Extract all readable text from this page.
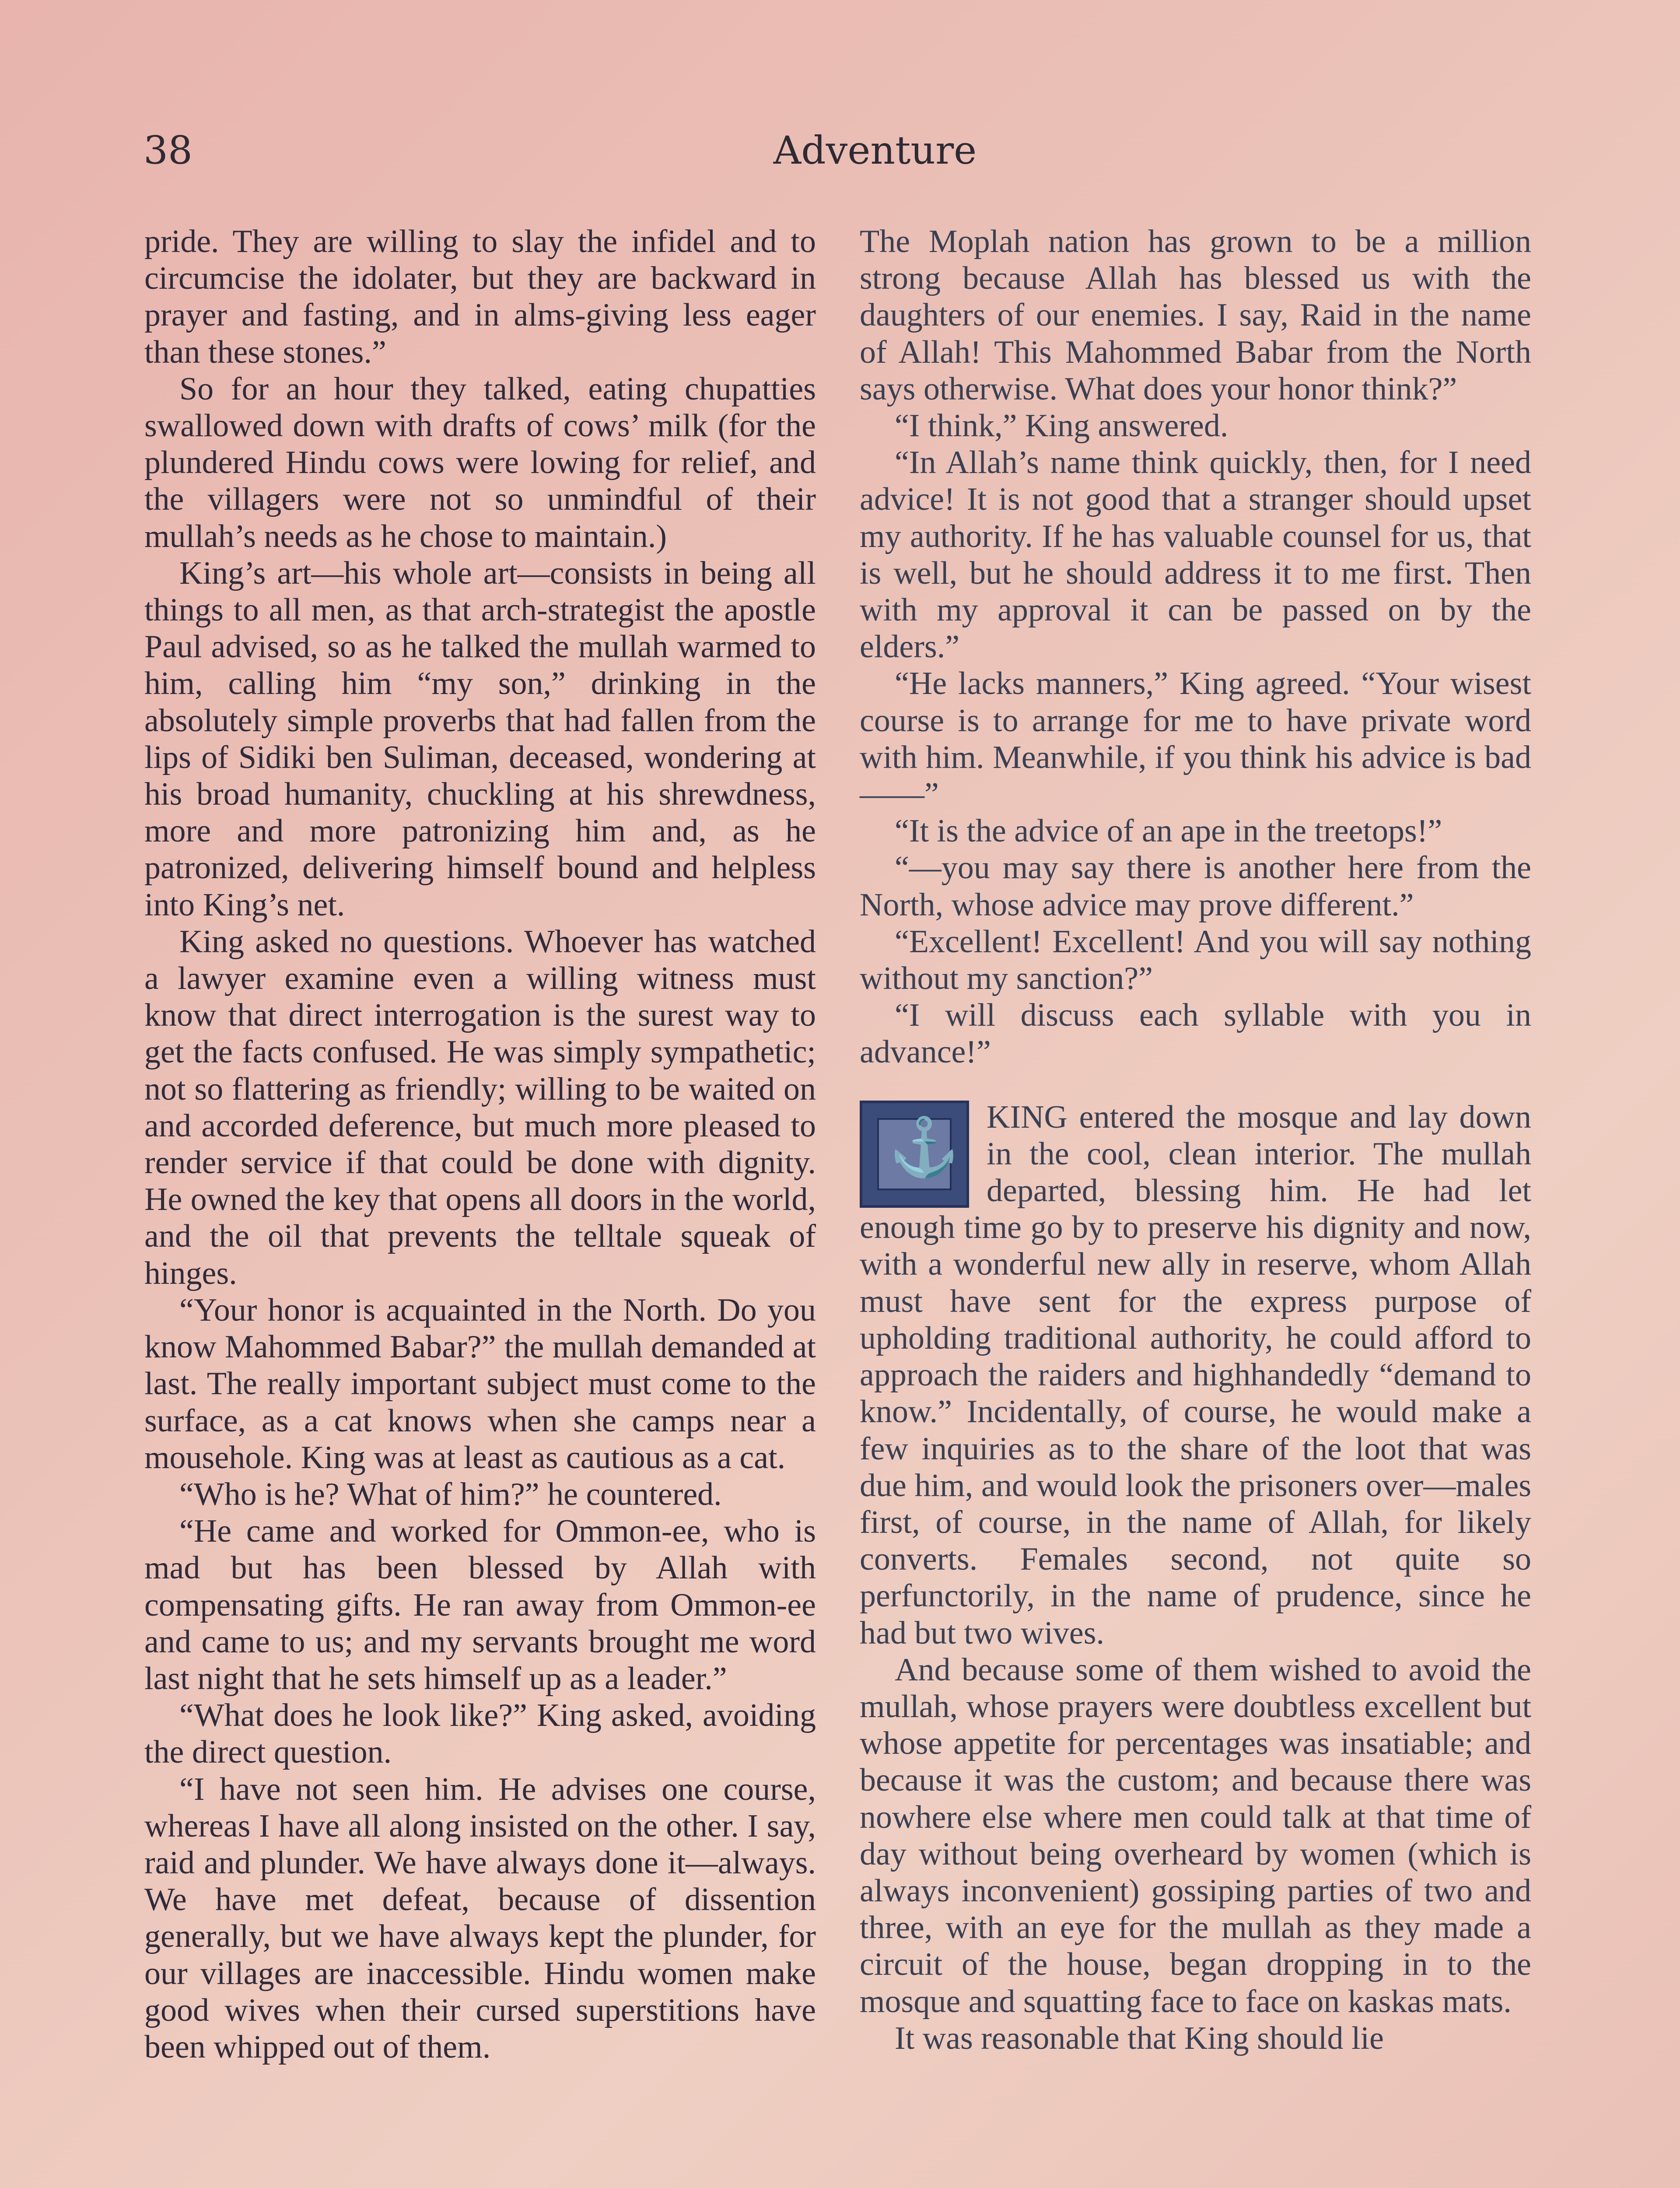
38	Adventure

pride. They are willing to slay the infidel and to circumcise the idolater, but they are backward in prayer and fasting, and in alms-giving less eager than these stones.”

So for an hour they talked, eating chupatties swallowed down with drafts of cows’ milk (for the plundered Hindu cows were lowing for relief, and the villagers were not so unmindful of their mullah’s needs as he chose to maintain.)

King’s art—his whole art—consists in being all things to all men, as that arch-strategist the apostle Paul advised, so as he talked the mullah warmed to him, calling him “my son,” drinking in the absolutely simple proverbs that had fallen from the lips of Sidiki ben Suliman, deceased, wondering at his broad humanity, chuckling at his shrewdness, more and more patronizing him and, as he patronized, delivering himself bound and helpless into King’s net.

King asked no questions. Whoever has watched a lawyer examine even a willing witness must know that direct interrogation is the surest way to get the facts confused. He was simply sympathetic; not so flattering as friendly; willing to be waited on and accorded deference, but much more pleased to render service if that could be done with dignity. He owned the key that opens all doors in the world, and the oil that prevents the telltale squeak of hinges.

“Your honor is acquainted in the North. Do you know Mahommed Babar?” the mullah demanded at last. The really important subject must come to the surface, as a cat knows when she camps near a mousehole. King was at least as cautious as a cat.

“Who is he? What of him?” he countered.

“He came and worked for Ommon-ee, who is mad but has been blessed by Allah with compensating gifts. He ran away from Ommon-ee and came to us; and my servants brought me word last night that he sets himself up as a leader.”

“What does he look like?” King asked, avoiding the direct question.

“I have not seen him. He advises one course, whereas I have all along insisted on the other. I say, raid and plunder. We have always done it—always. We have met defeat, because of dissention generally, but we have always kept the plunder, for our villages are inaccessible. Hindu women make good wives when their cursed superstitions have been whipped out of them.

The Moplah nation has grown to be a million strong because Allah has blessed us with the daughters of our enemies. I say, Raid in the name of Allah! This Mahommed Babar from the North says otherwise. What does your honor think?”

“I think,” King answered.

“In Allah’s name think quickly, then, for I need advice! It is not good that a stranger should upset my authority. If he has valuable counsel for us, that is well, but he should address it to me first. Then with my approval it can be passed on by the elders.”

“He lacks manners,” King agreed. “Your wisest course is to arrange for me to have private word with him. Meanwhile, if you think his advice is bad——”

“It is the advice of an ape in the treetops!”

“—you may say there is another here from the North, whose advice may prove different.”

“Excellent! Excellent! And you will say nothing without my sanction?”

“I will discuss each syllable with you in advance!”

⚓ KING entered the mosque and lay down in the cool, clean interior. The mullah departed, blessing him. He had let enough time go by to preserve his dignity and now, with a wonderful new ally in reserve, whom Allah must have sent for the express purpose of upholding traditional authority, he could afford to approach the raiders and highhandedly “demand to know.” Incidentally, of course, he would make a few inquiries as to the share of the loot that was due him, and would look the prisoners over—males first, of course, in the name of Allah, for likely converts. Females second, not quite so perfunctorily, in the name of prudence, since he had but two wives.

And because some of them wished to avoid the mullah, whose prayers were doubtless excellent but whose appetite for percentages was insatiable; and because it was the custom; and because there was nowhere else where men could talk at that time of day without being overheard by women (which is always inconvenient) gossiping parties of two and three, with an eye for the mullah as they made a circuit of the house, began dropping in to the mosque and squatting face to face on kaskas mats.

It was reasonable that King should lie
